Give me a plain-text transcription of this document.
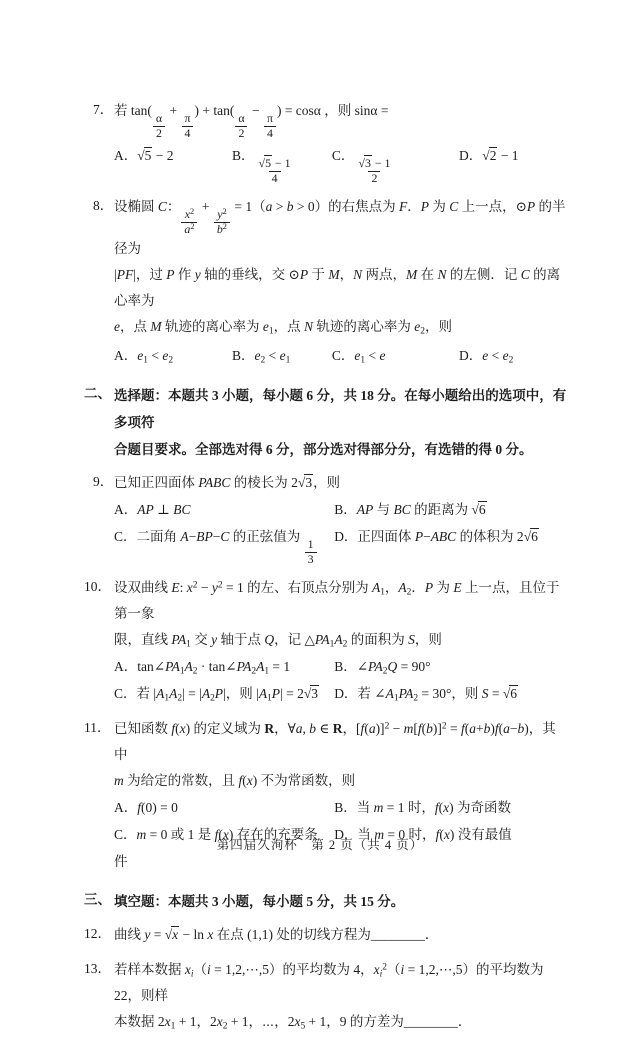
7． 若 tan(
$\frac{\alpha}{2}$
+
$\frac{\pi}{4}$
) + tan(
$\frac{\alpha}{2}$
−
$\frac{\pi}{4}$
) = cosα ，则 sinα =
A．√5 − 2	B．
$\frac{√5 - 1}{4}$
C．
$\frac{√3 - 1}{2}$
D．√2 − 1
8． 设椭圆 C：
$\frac{x^2}{a^2}$
+
$\frac{y^2}{b^2}$
= 1（a > b > 0）的右焦点为 F．P 为 C 上一点，⊙P 的半径为
|PF|，过 P 作 y 轴的垂线，交 ⊙P 于 M，N 两点，M 在 N 的左侧．记 C 的离心率为
e，点 M 轨迹的离心率为 $e_1$，点 N 轨迹的离心率为 $e_2$，则
A．$e_1 < e_2$	B．$e_2 < e_1$	C．$e_1 < e$	D．$e < e_2$
二、 选择题：本题共 3 小题，每小题 6 分，共 18 分。在每小题给出的选项中，有多项符
合题目要求。全部选对得 6 分，部分选对得部分分，有选错的得 0 分。
9． 已知正四面体 PABC 的棱长为 2√3，则
A．AP ⊥ BC	B．AP 与 BC 的距离为 √6
C．二面角 A−BP−C 的正弦值为
$\frac{1}{3}$
D．正四面体 P−ABC 的体积为 2√6
10． 设双曲线 E: $x^2 - y^2 = 1$ 的左、右顶点分别为 $A_1$，$A_2$．P 为 E 上一点，且位于第一象
限，直线 $PA_1$ 交 y 轴于点 Q，记 $\triangle PA_1A_2$ 的面积为 S，则
A．$\tan\angle PA_1A_2$ · $\tan\angle PA_2A_1 = 1$	B．$\angle PA_2Q = 90^\circ$
C．若 $|A_1A_2| = |A_2P|$，则 $|A_1P| = 2√3$	D．若 $\angle A_1PA_2 = 30^\circ$，则 S = √6
11． 已知函数 f(x) 的定义域为 R，∀a, b ∈ R，$[f(a)]^2 - m[f(b)]^2 = f(a+b)f(a-b)$，其中
m 为给定的常数，且 f(x) 不为常函数，则
A．f(0) = 0	B．当 m = 1 时，f(x) 为奇函数
C．m = 0 或 1 是 f(x) 存在的充要条件
D．当 m = 0 时，f(x) 没有最值
三、 填空题：本题共 3 小题，每小题 5 分，共 15 分。
12． 曲线 y = √x − ln x 在点 (1,1) 处的切线方程为________．
13． 若样本数据 $x_i(i$ = 1,2,⋯,5）的平均数为 4，$x_i^2(i$ = 1,2,⋯,5）的平均数为 22，则样
本数据 $2x_1 + 1$，$2x_2 + 1$，⋯，$2x_5 + 1$，9 的方差为________．
第四届久洵杯　第 2 页（共 4 页）
